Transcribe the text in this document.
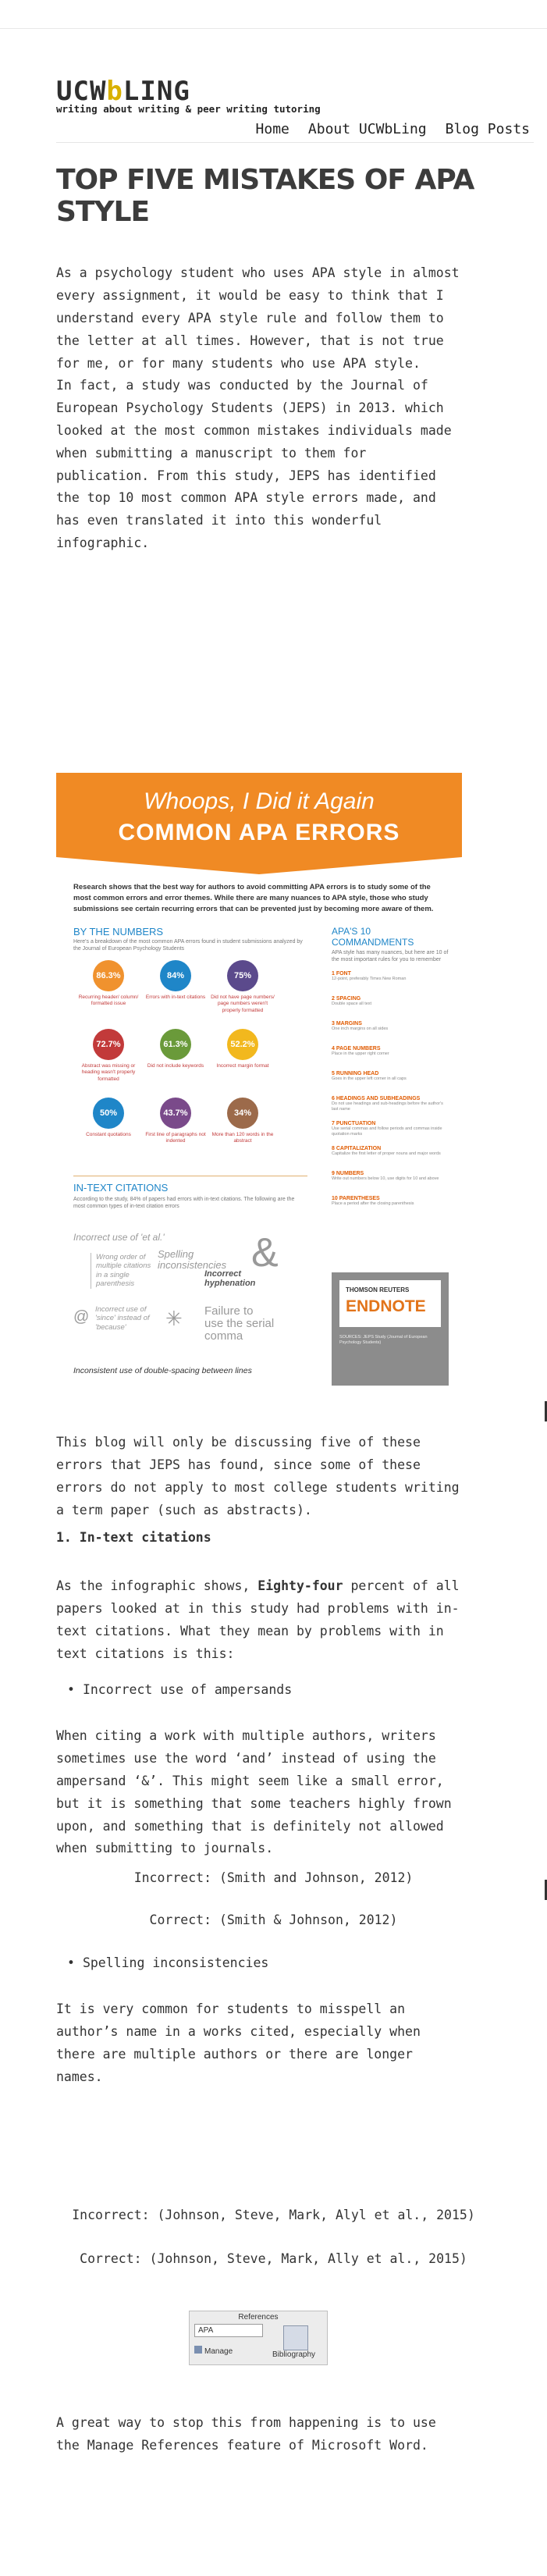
UCWbLING
writing about writing & peer writing tutoring
Home About UCWbLing Blog Posts
TOP FIVE MISTAKES OF APA STYLE

As a psychology student who uses APA style in almost every assignment, it would be easy to think that I understand every APA style rule and follow them to the letter at all times. However, that is not true for me, or for many students who use APA style.

In fact, a study was conducted by the Journal of European Psychology Students (JEPS) in 2013. which looked at the most common mistakes individuals made when submitting a manuscript to them for publication. From this study, JEPS has identified the top 10 most common APA style errors made, and has even translated it into this wonderful infographic.

Whoops, I Did it Again
COMMON APA ERRORS
Research shows that the best way for authors to avoid committing APA errors is to study some of the most common errors and error themes. While there are many nuances to APA style, those who study submissions see certain recurring errors that can be prevented just by becoming more aware of them.
BY THE NUMBERS
Here's a breakdown of the most common APA errors found in student submissions analyzed by the Journal of European Psychology Students
86.3%
Recurring header/ column/ formatted issue
84%
Errors with in-text citations
75%
Did not have page numbers/ page numbers weren't properly formatted
72.7%
Abstract was missing or heading wasn't properly formatted
61.3%
Did not include keywords
52.2%
Incorrect margin format
50%
Constant quotations
43.7%
First line of paragraphs not indented
34%
More than 120 words in the abstract
APA'S 10 COMMANDMENTS
APA style has many nuances, but here are 10 of the most important rules for you to remember
1 FONT
12-point, preferably Times New Roman
2 SPACING
Double space all text
3 MARGINS
One inch margins on all sides
4 PAGE NUMBERS
Place in the upper right corner
5 RUNNING HEAD
Goes in the upper left corner in all caps
6 HEADINGS AND SUBHEADINGS
Do not use headings and sub-headings before the author's last name
7 PUNCTUATION
Use serial commas and follow periods and commas inside quotation marks
8 CAPITALIZATION
Capitalize the first letter of proper nouns and major words
9 NUMBERS
Write out numbers below 10, use digits for 10 and above
10 PARENTHESES
Place a period after the closing parenthesis
IN-TEXT CITATIONS
According to the study, 84% of papers had errors with in-text citations. The following are the most common types of in-text citation errors
Incorrect use of 'et al.'
Wrong order of multiple citations in a single parenthesis
Spelling inconsistencies &
Incorrect hyphenation
@ Incorrect use of 'since' instead of 'because'	✳ Failure to use the serial comma
Inconsistent use of double-spacing between lines
THOMSON REUTERS
ENDNOTE
SOURCES: JEPS Study (Journal of European Psychology Students)

This blog will only be discussing five of these errors that JEPS has found, since some of these errors do not apply to most college students writing a term paper (such as abstracts).

1. In-text citations

As the infographic shows, Eighty-four percent of all papers looked at in this study had problems with in-text citations. What they mean by problems with in text citations is this:

• Incorrect use of ampersands

When citing a work with multiple authors, writers sometimes use the word ‘and’ instead of using the ampersand ‘&’. This might seem like a small error, but it is something that some teachers highly frown upon, and something that is definitely not allowed when submitting to journals.

Incorrect: (Smith and Johnson, 2012)
Correct: (Smith & Johnson, 2012)
• Spelling inconsistencies

It is very common for students to misspell an author’s name in a works cited, especially when there are multiple authors or there are longer names.

Incorrect: (Johnson, Steve, Mark, Alyl et al., 2015)
Correct: (Johnson, Steve, Mark, Ally et al., 2015)
References
APA
Manage	Bibliography

A great way to stop this from happening is to use the Manage References feature of Microsoft Word.
